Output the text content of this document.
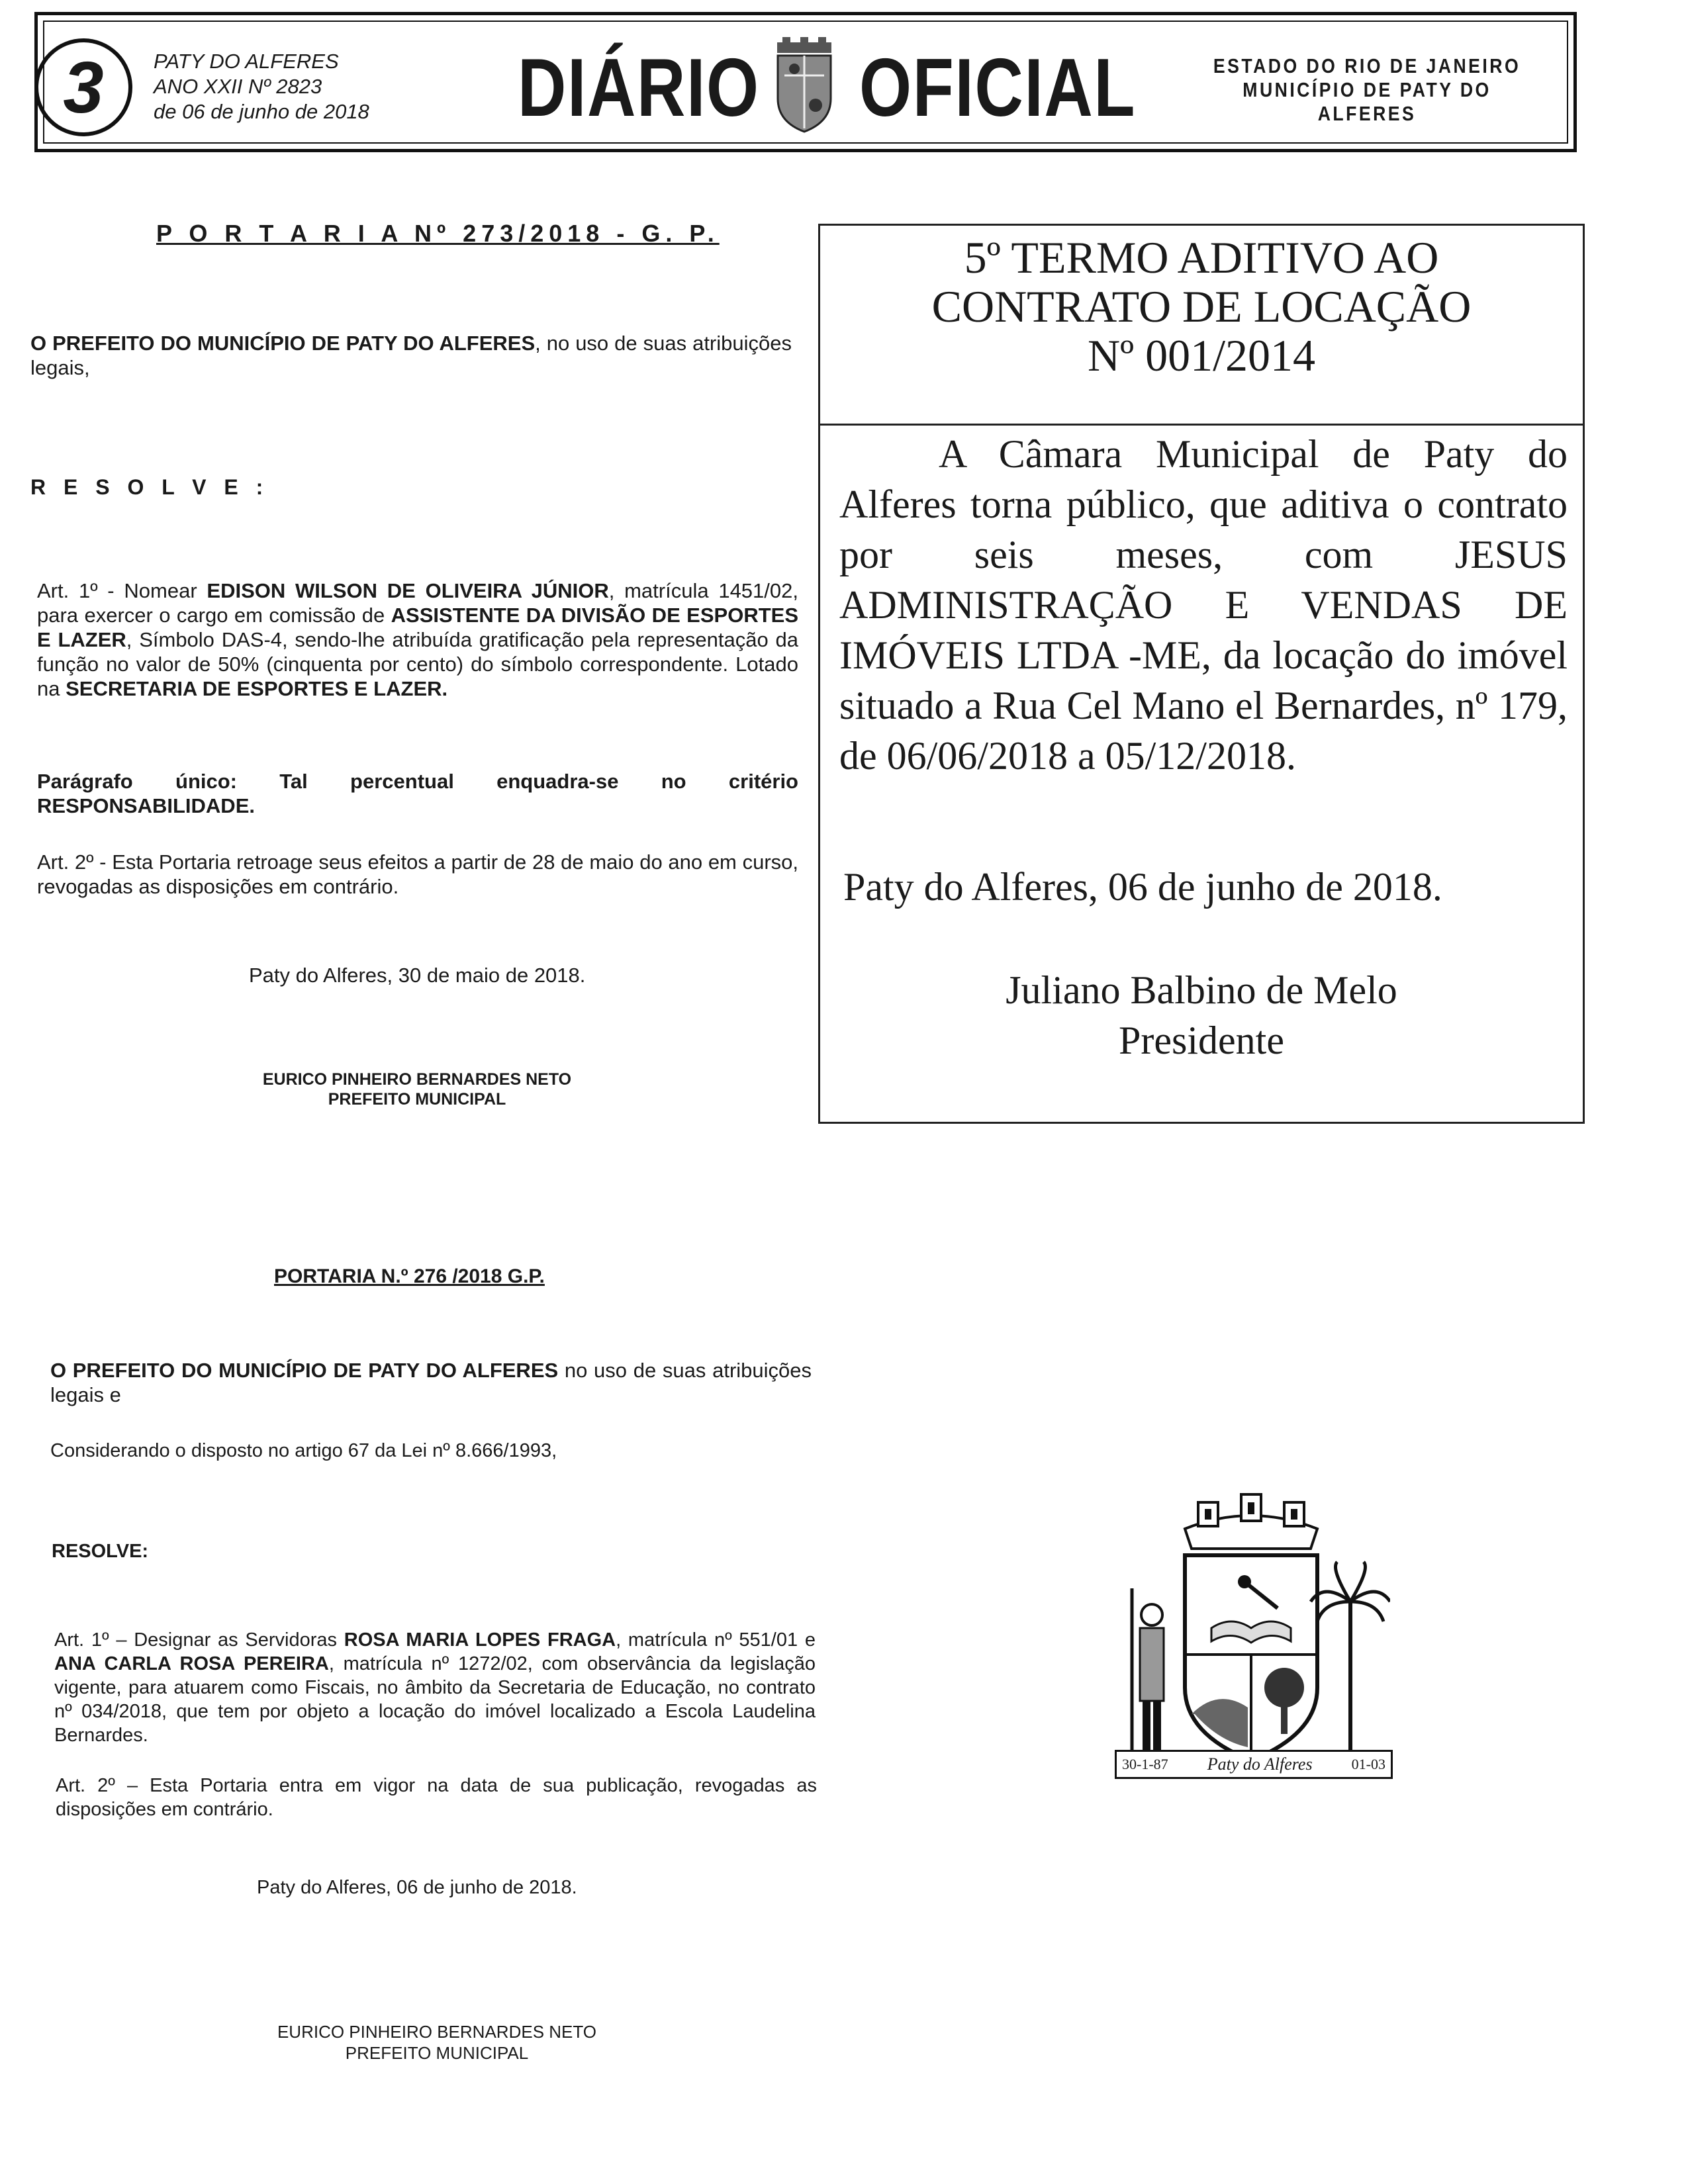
3 PATY DO ALFERES
ANO XXII Nº 2823
de 06 de junho de 2018 DIÁRIO OFICIAL	ESTADO DO RIO DE JANEIRO
MUNICÍPIO DE PATY DO ALFERES
P O R T A R I A Nº 273/2018 - G. P.
O PREFEITO DO MUNICÍPIO DE PATY DO ALFERES, no uso de suas atribuições legais,
R E S O L V E :
Art. 1º - Nomear EDISON WILSON DE OLIVEIRA JÚNIOR, matrícula 1451/02, para exercer o cargo em comissão de ASSISTENTE DA DIVISÃO DE ESPORTES E LAZER, Símbolo DAS-4, sendo-lhe atribuída gratificação pela representação da função no valor de 50% (cinquenta por cento) do símbolo correspondente. Lotado na SECRETARIA DE ESPORTES E LAZER.
Parágrafo único: Tal percentual enquadra-se no critério RESPONSABILIDADE.
Art. 2º - Esta Portaria retroage seus efeitos a partir de 28 de maio do ano em curso, revogadas as disposições em contrário.
Paty do Alferes, 30 de maio de 2018.
EURICO PINHEIRO BERNARDES NETO
PREFEITO MUNICIPAL
5º TERMO ADITIVO AO
CONTRATO DE LOCAÇÃO
Nº 001/2014
A Câmara Municipal de Paty do Alferes torna público, que aditiva o contrato por seis meses, com JESUS ADMINISTRAÇÃO E VENDAS DE IMÓVEIS LTDA -ME, da locação do imóvel situado a Rua Cel Mano el Bernardes, nº 179, de 06/06/2018 a 05/12/2018.
Paty do Alferes, 06 de junho de 2018.
Juliano Balbino de Melo
Presidente
PORTARIA N.º 276 /2018 G.P.
O PREFEITO DO MUNICÍPIO DE PATY DO ALFERES no uso de suas atribuições legais e
Considerando o disposto no artigo 67 da Lei nº 8.666/1993,
RESOLVE:
Art. 1º – Designar as Servidoras ROSA MARIA LOPES FRAGA, matrícula nº 551/01 e ANA CARLA ROSA PEREIRA, matrícula nº 1272/02, com observância da legislação vigente, para atuarem como Fiscais, no âmbito da Secretaria de Educação, no contrato nº 034/2018, que tem por objeto a locação do imóvel localizado a Escola Laudelina Bernardes.
Art. 2º – Esta Portaria entra em vigor na data de sua publicação, revogadas as disposições em contrário.
Paty do Alferes, 06 de junho de 2018.
EURICO PINHEIRO BERNARDES NETO
PREFEITO MUNICIPAL
30-1-87 Paty do Alferes	01-03
